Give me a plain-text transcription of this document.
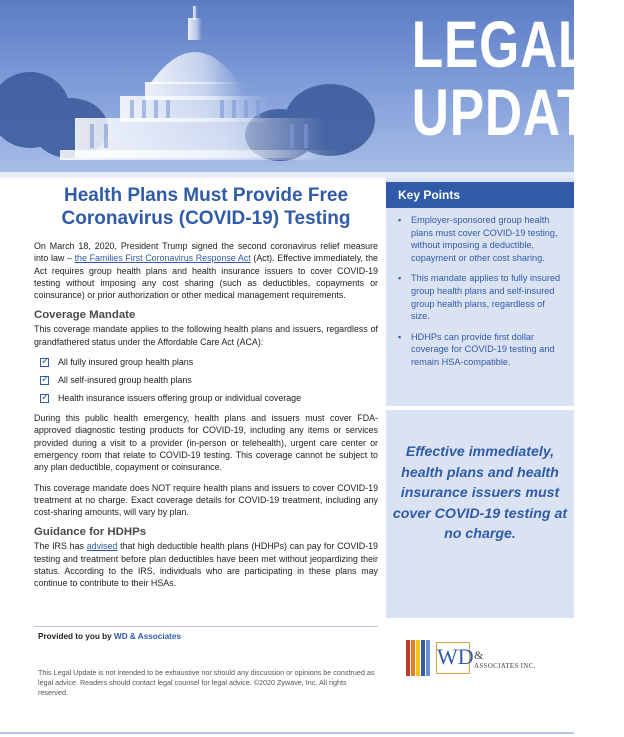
LEGAL
UPDATE
Key Points
▪ Employer-sponsored group health plans must cover COVID-19 testing, without imposing a deductible, copayment or other cost sharing.
▪ This mandate applies to fully insured group health plans and self-insured group health plans, regardless of size.
▪ HDHPs can provide first dollar coverage for COVID-19 testing and remain HSA-compatible.
Effective immediately, health plans and health insurance issuers must cover COVID-19 testing at no charge.
Health Plans Must Provide Free Coronavirus (COVID-19) Testing

On March 18, 2020, President Trump signed the second coronavirus relief measure into law – the Families First Coronavirus Response Act (Act). Effective immediately, the Act requires group health plans and health insurance issuers to cover COVID-19 testing without imposing any cost sharing (such as deductibles, copayments or coinsurance) or prior authorization or other medical management requirements.

Coverage Mandate

This coverage mandate applies to the following health plans and issuers, regardless of grandfathered status under the Affordable Care Act (ACA):

✓
All fully insured group health plans
✓
All self-insured group health plans
✓
Health insurance issuers offering group or individual coverage

During this public health emergency, health plans and issuers must cover FDA-approved diagnostic testing products for COVID-19, including any items or services provided during a visit to a provider (in-person or telehealth), urgent care center or emergency room that relate to COVID-19 testing. This coverage cannot be subject to any plan deductible, copayment or coinsurance.

This coverage mandate does NOT require health plans and issuers to cover COVID-19 treatment at no charge. Exact coverage details for COVID-19 treatment, including any cost-sharing amounts, will vary by plan.

Guidance for HDHPs

The IRS has advised that high deductible health plans (HDHPs) can pay for COVID-19 testing and treatment before plan deductibles have been met without jeopardizing their status. According to the IRS, individuals who are participating in these plans may continue to contribute to their HSAs.

Provided to you by WD & Associates
WD &
ASSOCIATES INC.
This Legal Update is not intended to be exhaustive nor should any discussion or opinions be construed as legal advice. Readers should contact legal counsel for legal advice. ©2020 Zywave, Inc. All rights reserved.
